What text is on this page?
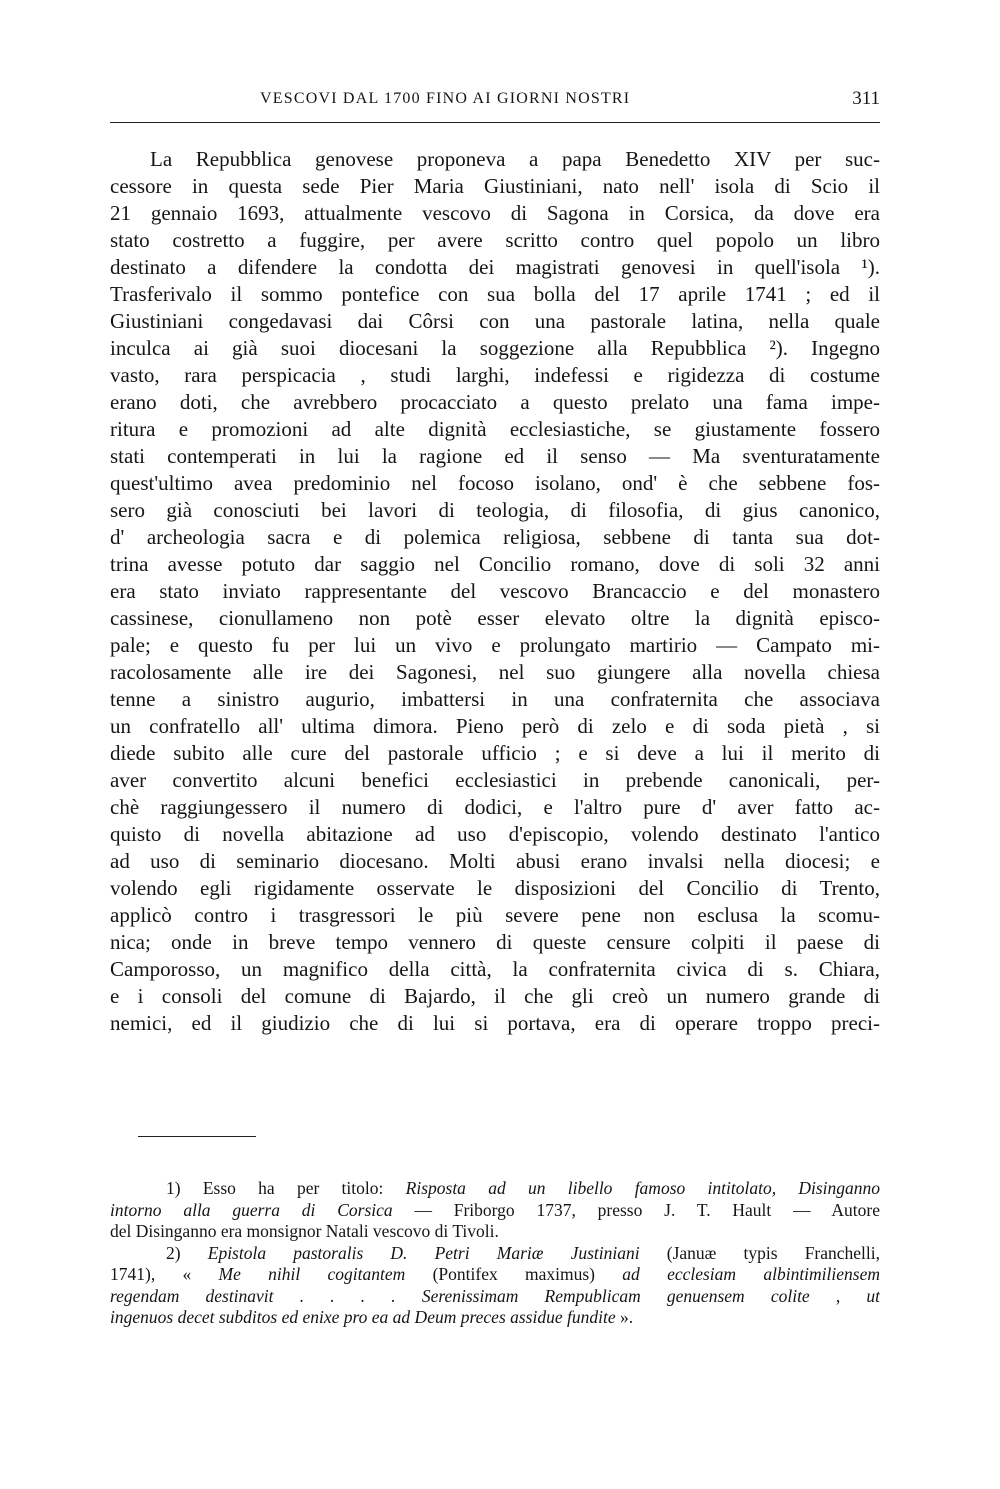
VESCOVI DAL 1700 FINO AI GIORNI NOSTRI	311
La Repubblica genovese proponeva a papa Benedetto XIV per suc-
cessore in questa sede Pier Maria Giustiniani, nato nell' isola di Scio il
21 gennaio 1693, attualmente vescovo di Sagona in Corsica, da dove era
stato costretto a fuggire, per avere scritto contro quel popolo un libro
destinato a difendere la condotta dei magistrati genovesi in quell'isola ¹).
Trasferivalo il sommo pontefice con sua bolla del 17 aprile 1741 ; ed il
Giustiniani congedavasi dai Côrsi con una pastorale latina, nella quale
inculca ai già suoi diocesani la soggezione alla Repubblica ²). Ingegno
vasto, rara perspicacia , studi larghi, indefessi e rigidezza di costume
erano doti, che avrebbero procacciato a questo prelato una fama impe-
ritura e promozioni ad alte dignità ecclesiastiche, se giustamente fossero
stati contemperati in lui la ragione ed il senso — Ma sventuratamente
quest'ultimo avea predominio nel focoso isolano, ond' è che sebbene fos-
sero già conosciuti bei lavori di teologia, di filosofia, di gius canonico,
d' archeologia sacra e di polemica religiosa, sebbene di tanta sua dot-
trina avesse potuto dar saggio nel Concilio romano, dove di soli 32 anni
era stato inviato rappresentante del vescovo Brancaccio e del monastero
cassinese, cionullameno non potè esser elevato oltre la dignità episco-
pale; e questo fu per lui un vivo e prolungato martirio — Campato mi-
racolosamente alle ire dei Sagonesi, nel suo giungere alla novella chiesa
tenne a sinistro augurio, imbattersi in una confraternita che associava
un confratello all' ultima dimora. Pieno però di zelo e di soda pietà , si
diede subito alle cure del pastorale ufficio ; e si deve a lui il merito di
aver convertito alcuni benefici ecclesiastici in prebende canonicali, per-
chè raggiungessero il numero di dodici, e l'altro pure d' aver fatto ac-
quisto di novella abitazione ad uso d'episcopio, volendo destinato l'antico
ad uso di seminario diocesano. Molti abusi erano invalsi nella diocesi; e
volendo egli rigidamente osservate le disposizioni del Concilio di Trento,
applicò contro i trasgressori le più severe pene non esclusa la scomu-
nica; onde in breve tempo vennero di queste censure colpiti il paese di
Camporosso, un magnifico della città, la confraternita civica di s. Chiara,
e i consoli del comune di Bajardo, il che gli creò un numero grande di
nemici, ed il giudizio che di lui si portava, era di operare troppo preci-
1) Esso ha per titolo: Risposta ad un libello famoso intitolato, Disinganno
intorno alla guerra di Corsica — Friborgo 1737, presso J. T. Hault — Autore
del Disinganno era monsignor Natali vescovo di Tivoli.
2) Epistola pastoralis D. Petri Mariæ Justiniani (Januæ typis Franchelli,
1741), « Me nihil cogitantem (Pontifex maximus) ad ecclesiam albintimiliensem
regendam destinavit . . . . Serenissimam Rempublicam genuensem colite , ut
ingenuos decet subditos ed enixe pro ea ad Deum preces assidue fundite ».
